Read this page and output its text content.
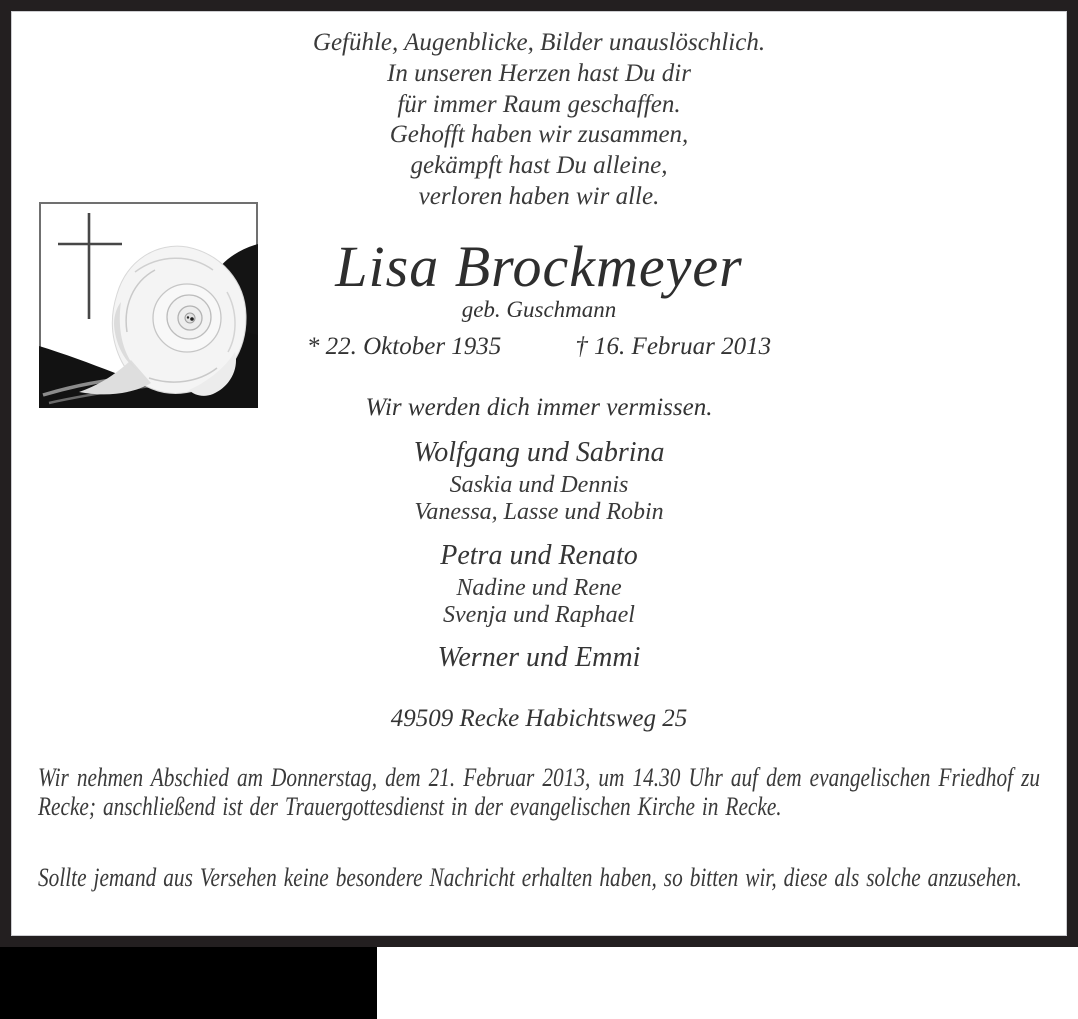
Gefühle, Augenblicke, Bilder unauslöschlich.
In unseren Herzen hast Du dir
für immer Raum geschaffen.
Gehofft haben wir zusammen,
gekämpft hast Du alleine,
verloren haben wir alle.
Lisa Brockmeyer
geb. Guschmann
* 22. Oktober 1935	† 16. Februar 2013
Wir werden dich immer vermissen.
Wolfgang und Sabrina
Saskia und Dennis
Vanessa, Lasse und Robin
Petra und Renato
Nadine und Rene
Svenja und Raphael
Werner und Emmi
49509 Recke Habichtsweg 25
Wir nehmen Abschied am Donnerstag, dem 21. Februar 2013, um 14.30 Uhr auf dem evangelischen Friedhof zu Recke; anschließend ist der Trauergottesdienst in der evangelischen Kirche in Recke.
Sollte jemand aus Versehen keine besondere Nachricht erhalten haben, so bitten wir, diese als solche anzusehen.
